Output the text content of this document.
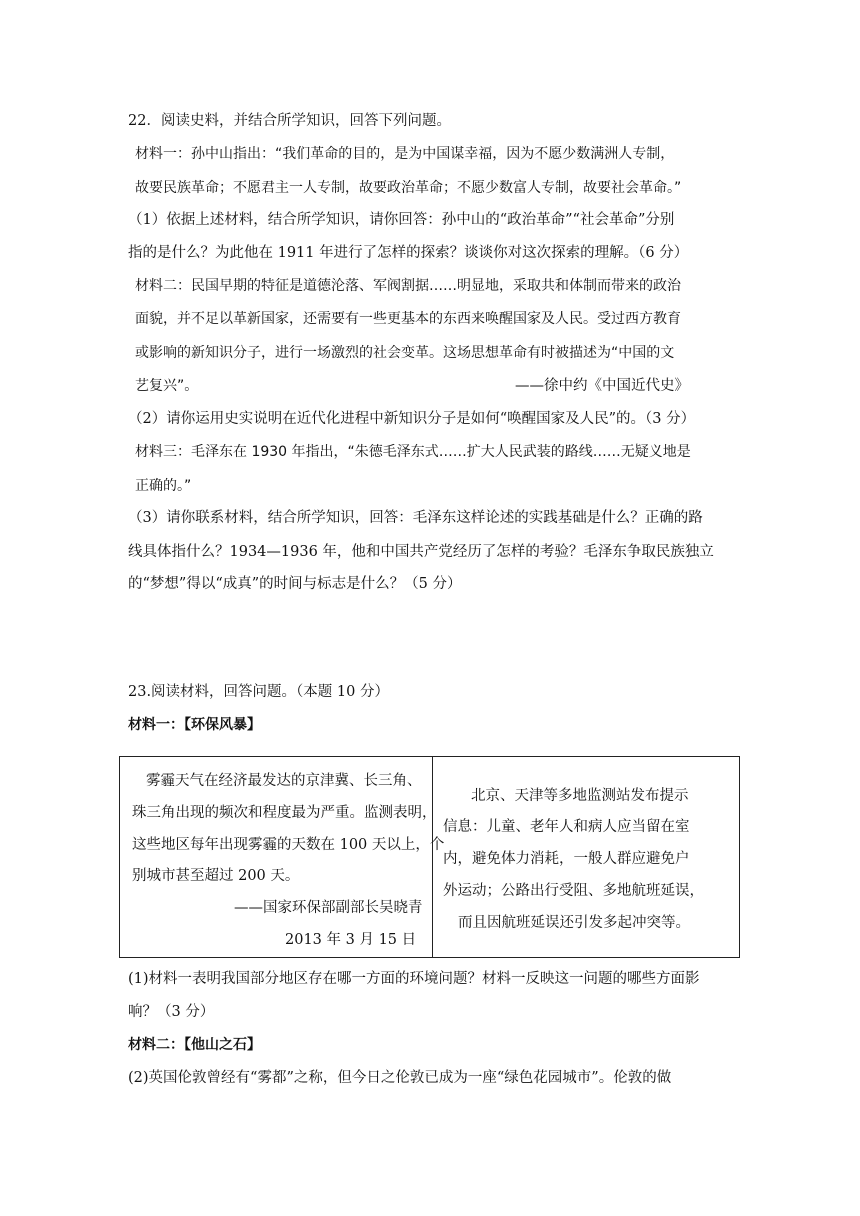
22．阅读史料，并结合所学知识，回答下列问题。

材料一：孙中山指出：“我们革命的目的，是为中国谋幸福，因为不愿少数满洲人专制，

故要民族革命；不愿君主一人专制，故要政治革命；不愿少数富人专制，故要社会革命。”

（1）依据上述材料，结合所学知识，请你回答：孙中山的“政治革命”“社会革命”分别

指的是什么？为此他在 1911 年进行了怎样的探索？谈谈你对这次探索的理解。（6 分）

材料二：民国早期的特征是道德沦落、军阀割据……明显地，采取共和体制而带来的政治

面貌，并不足以革新国家，还需要有一些更基本的东西来唤醒国家及人民。受过西方教育

或影响的新知识分子，进行一场激烈的社会变革。这场思想革命有时被描述为“中国的文

艺复兴”。	——徐中约《中国近代史》

（2）请你运用史实说明在近代化进程中新知识分子是如何“唤醒国家及人民”的。（3 分）

材料三：毛泽东在 1930 年指出，“朱德毛泽东式……扩大人民武装的路线……无疑义地是

正确的。”

（3）请你联系材料，结合所学知识，回答：毛泽东这样论述的实践基础是什么？正确的路

线具体指什么？1934—1936 年，他和中国共产党经历了怎样的考验？毛泽东争取民族独立

的“梦想”得以“成真”的时间与标志是什么？（5 分）

23.阅读材料，回答问题。（本题 10 分）

材料一：【环保风暴】

雾霾天气在经济最发达的京津冀、长三角、

珠三角出现的频次和程度最为严重。监测表明，

这些地区每年出现雾霾的天数在 100 天以上，个

别城市甚至超过 200 天。

——国家环保部副部长吴晓青

2013 年 3 月 15 日

北京、天津等多地监测站发布提示

信息：儿童、老年人和病人应当留在室

内，避免体力消耗，一般人群应避免户

外运动；公路出行受阻、多地航班延误，

而且因航班延误还引发多起冲突等。

(1)材料一表明我国部分地区存在哪一方面的环境问题？材料一反映这一问题的哪些方面影

响？（3 分）

材料二：【他山之石】

(2)英国伦敦曾经有“雾都”之称，但今日之伦敦已成为一座“绿色花园城市”。伦敦的做
